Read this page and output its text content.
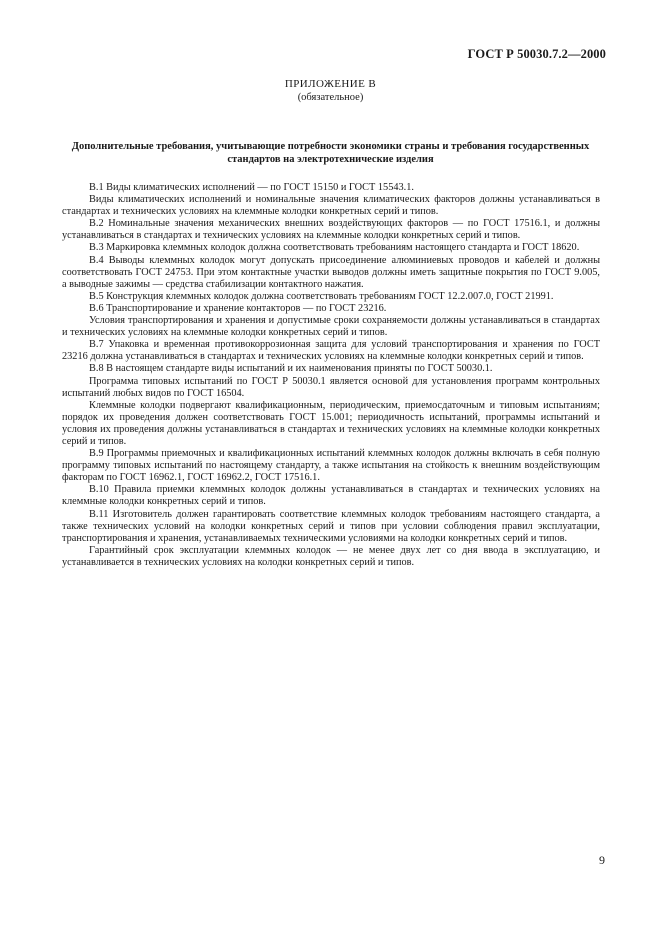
ГОСТ Р 50030.7.2—2000
ПРИЛОЖЕНИЕ В
(обязательное)
Дополнительные требования, учитывающие потребности экономики страны и требования государственных стандартов на электротехнические изделия

В.1 Виды климатических исполнений — по ГОСТ 15150 и ГОСТ 15543.1.

Виды климатических исполнений и номинальные значения климатических факторов должны устанавливаться в стандартах и технических условиях на клеммные колодки конкретных серий и типов.

В.2 Номинальные значения механических внешних воздействующих факторов — по ГОСТ 17516.1, и должны устанавливаться в стандартах и технических условиях на клеммные колодки конкретных серий и типов.

В.3 Маркировка клеммных колодок должна соответствовать требованиям настоящего стандарта и ГОСТ 18620.

В.4 Выводы клеммных колодок могут допускать присоединение алюминиевых проводов и кабелей и должны соответствовать ГОСТ 24753. При этом контактные участки выводов должны иметь защитные покрытия по ГОСТ 9.005, а выводные зажимы — средства стабилизации контактного нажатия.

В.5 Конструкция клеммных колодок должна соответствовать требованиям ГОСТ 12.2.007.0, ГОСТ 21991.

В.6 Транспортирование и хранение контакторов — по ГОСТ 23216.

Условия транспортирования и хранения и допустимые сроки сохраняемости должны устанавливаться в стандартах и технических условиях на клеммные колодки конкретных серий и типов.

В.7 Упаковка и временная противокоррозионная защита для условий транспортирования и хранения по ГОСТ 23216 должна устанавливаться в стандартах и технических условиях на клеммные колодки конкретных серий и типов.

В.8 В настоящем стандарте виды испытаний и их наименования приняты по ГОСТ 50030.1.

Программа типовых испытаний по ГОСТ Р 50030.1 является основой для установления программ контрольных испытаний любых видов по ГОСТ 16504.

Клеммные колодки подвергают квалификационным, периодическим, приемосдаточным и типовым испытаниям; порядок их проведения должен соответствовать ГОСТ 15.001; периодичность испытаний, программы испытаний и условия их проведения должны устанавливаться в стандартах и технических условиях на клеммные колодки конкретных серий и типов.

В.9 Программы приемочных и квалификационных испытаний клеммных колодок должны включать в себя полную программу типовых испытаний по настоящему стандарту, а также испытания на стойкость к внешним воздействующим факторам по ГОСТ 16962.1, ГОСТ 16962.2, ГОСТ 17516.1.

В.10 Правила приемки клеммных колодок должны устанавливаться в стандартах и технических условиях на клеммные колодки конкретных серий и типов.

В.11 Изготовитель должен гарантировать соответствие клеммных колодок требованиям настоящего стандарта, а также технических условий на колодки конкретных серий и типов при условии соблюдения правил эксплуатации, транспортирования и хранения, устанавливаемых техническими условиями на колодки конкретных серий и типов.

Гарантийный срок эксплуатации клеммных колодок — не менее двух лет со дня ввода в эксплуатацию, и устанавливается в технических условиях на колодки конкретных серий и типов.

9
